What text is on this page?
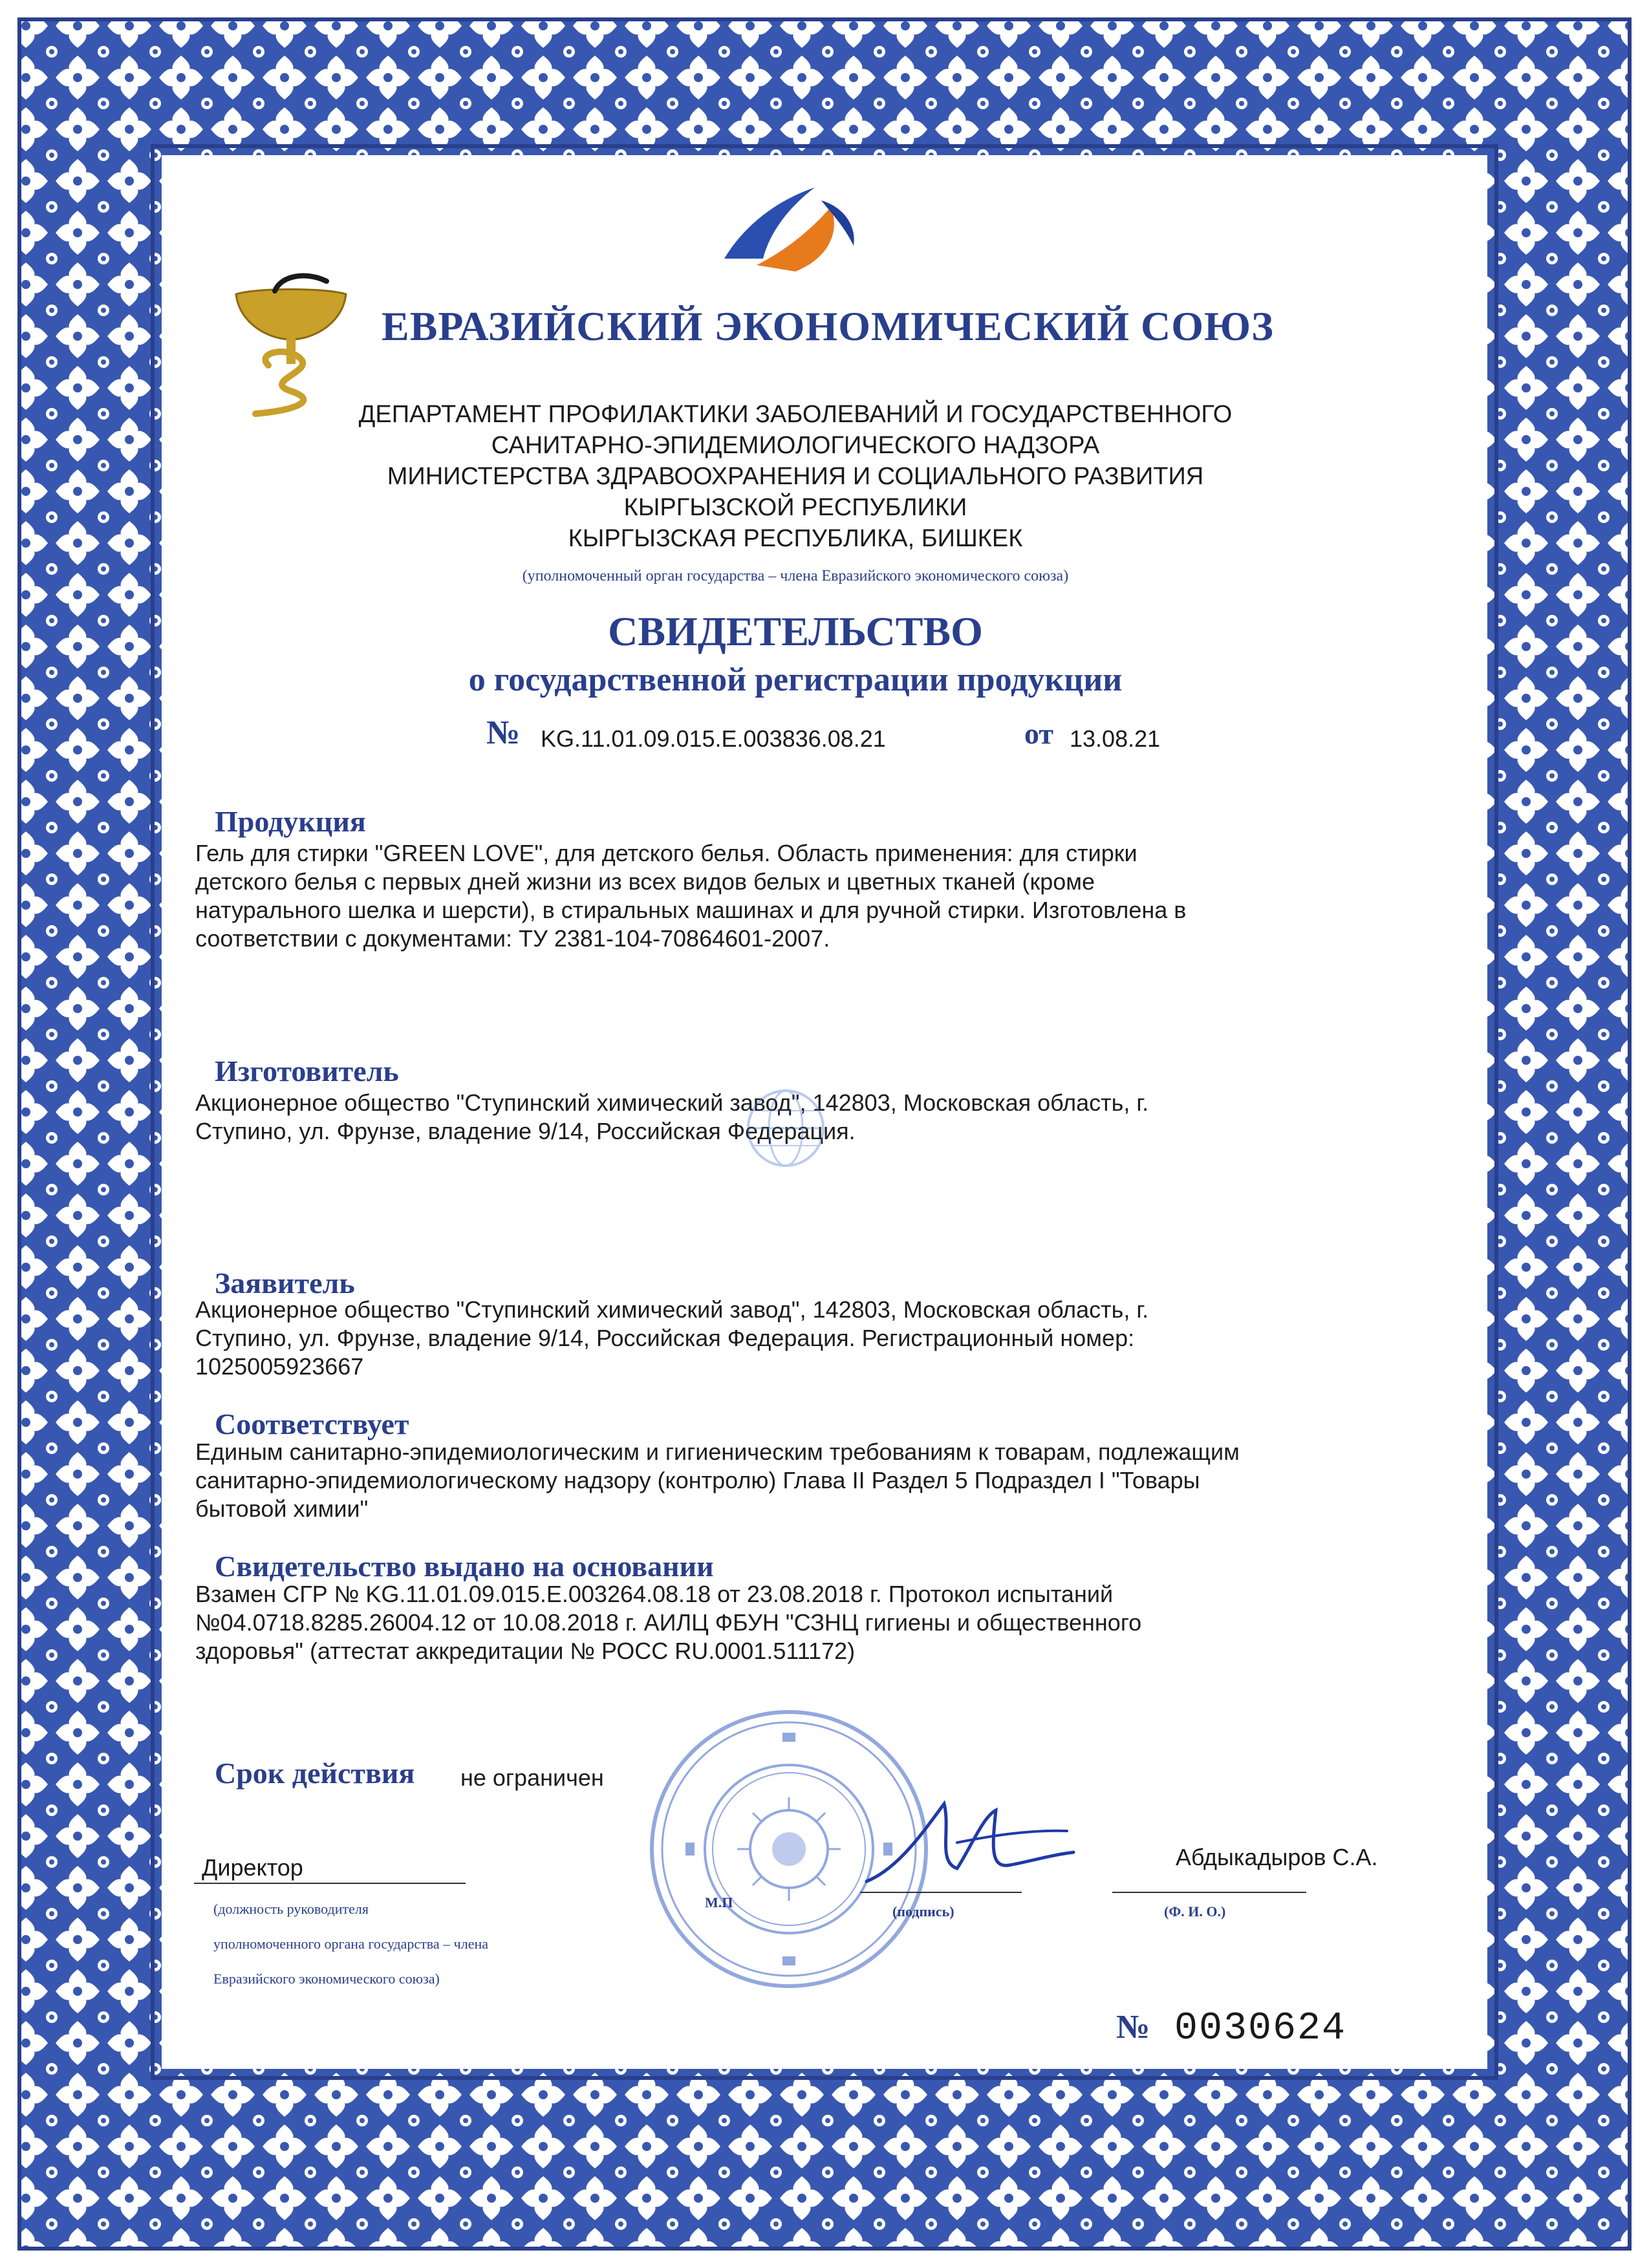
ЕВРАЗИЙСКИЙ ЭКОНОМИЧЕСКИЙ СОЮЗ
ДЕПАРТАМЕНТ ПРОФИЛАКТИКИ ЗАБОЛЕВАНИЙ И ГОСУДАРСТВЕННОГО
САНИТАРНО-ЭПИДЕМИОЛОГИЧЕСКОГО НАДЗОРА
МИНИСТЕРСТВА ЗДРАВООХРАНЕНИЯ И СОЦИАЛЬНОГО РАЗВИТИЯ
КЫРГЫЗСКОЙ РЕСПУБЛИКИ
КЫРГЫЗСКАЯ РЕСПУБЛИКА, БИШКЕК
(уполномоченный орган государства – члена Евразийского экономического союза)
СВИДЕТЕЛЬСТВО
о государственной регистрации продукции
№ KG.11.01.09.015.Е.003836.08.21	от 13.08.21
Продукция
Гель для стирки "GREEN LOVE", для детского белья. Область применения: для стирки
детского белья с первых дней жизни из всех видов белых и цветных тканей (кроме
натурального шелка и шерсти), в стиральных машинах и для ручной стирки. Изготовлена в
соответствии с документами: ТУ 2381-104-70864601-2007.
Изготовитель
Акционерное общество "Ступинский химический завод", 142803, Московская область, г.
Ступино, ул. Фрунзе, владение 9/14, Российская Федерация.
Заявитель
Акционерное общество "Ступинский химический завод", 142803, Московская область, г.
Ступино, ул. Фрунзе, владение 9/14, Российская Федерация. Регистрационный номер:
1025005923667
Соответствует
Единым санитарно-эпидемиологическим и гигиеническим требованиям к товарам, подлежащим
санитарно-эпидемиологическому надзору (контролю) Глава II Раздел 5 Подраздел I "Товары
бытовой химии"
Свидетельство выдано на основании
Взамен СГР № KG.11.01.09.015.Е.003264.08.18 от 23.08.2018 г. Протокол испытаний
№04.0718.8285.26004.12 от 10.08.2018 г. АИЛЦ ФБУН "СЗНЦ гигиены и общественного
здоровья" (аттестат аккредитации № РОСС RU.0001.511172)
Срок действия не ограничен
Директор
(должность руководителя
уполномоченного органа государства – члена
Евразийского экономического союза)
М.П
(подпись)
Абдыкадыров С.А.
(Ф. И. О.)
№ 0030624
